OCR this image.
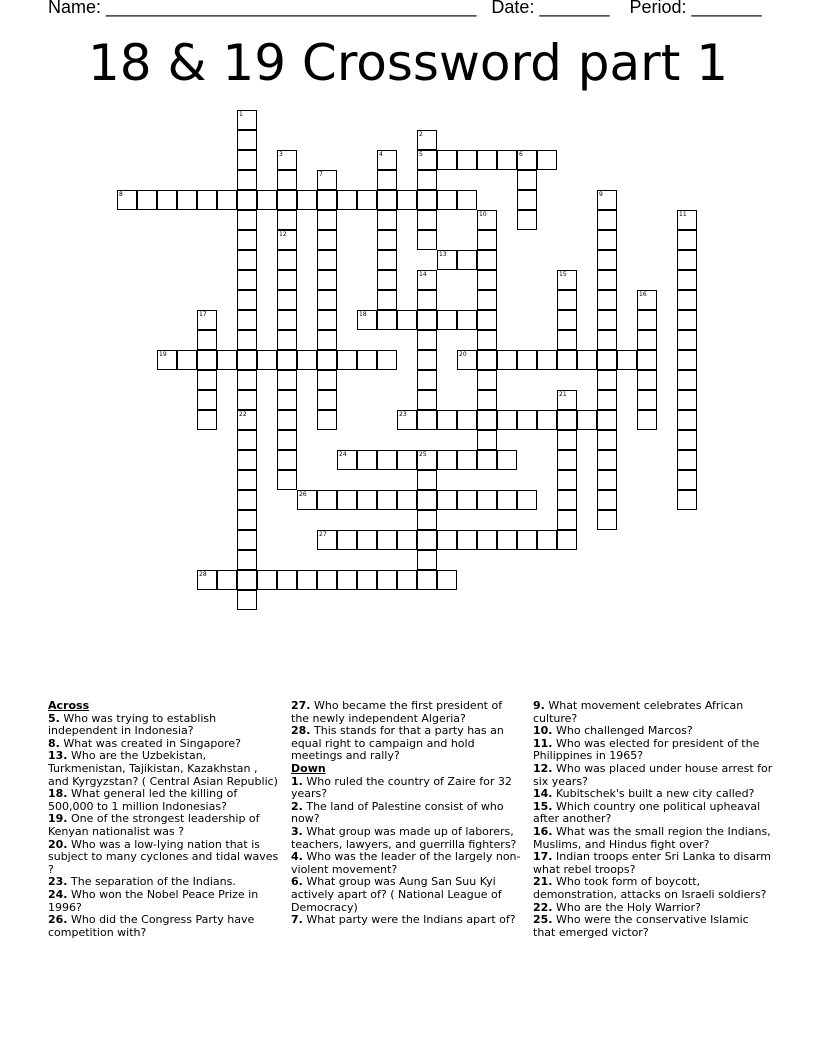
Name: _____________________________________   Date: _______    Period: _______
18 & 19 Crossword part 1
1
22
2
5
3	4	6
7
8	9
10	11
12
13
14	15
16
17	18
19	20
21
23
24	25
26
27
28
Across
5. Who was trying to establish independent in Indonesia?
8. What was created in Singapore?
13. Who are the Uzbekistan, Turkmenistan, Tajikistan, Kazakhstan , and Kyrgyzstan? ( Central Asian Republic)
18. What general led the killing of 500,000 to 1 million Indonesias?
19. One of the strongest leadership of Kenyan nationalist was ?
20. Who was a low-lying nation that is subject to many cyclones and tidal waves ?
23. The separation of the Indians.
24. Who won the Nobel Peace Prize in 1996?
26. Who did the Congress Party have competition with?
27. Who became the first president of the newly independent Algeria?
28. This stands for that a party has an equal right to campaign and hold meetings and rally?
Down
1. Who ruled the country of Zaire for 32 years?
2. The land of Palestine consist of who now?
3. What group was made up of laborers, teachers, lawyers, and guerrilla fighters?
4. Who was the leader of the largely non-violent movement?
6. What group was Aung San Suu Kyi actively apart of? ( National League of Democracy)
7. What party were the Indians apart of?
9. What movement celebrates African culture?
10. Who challenged Marcos?
11. Who was elected for president of the Philippines in 1965?
12. Who was placed under house arrest for six years?
14. Kubitschek's built a new city called?
15. Which country one political upheaval after another?
16. What was the small region the Indians, Muslims, and Hindus fight over?
17. Indian troops enter Sri Lanka to disarm what rebel troops?
21. Who took form of boycott, demonstration, attacks on Israeli soldiers?
22. Who are the Holy Warrior?
25. Who were the conservative Islamic that emerged victor?
